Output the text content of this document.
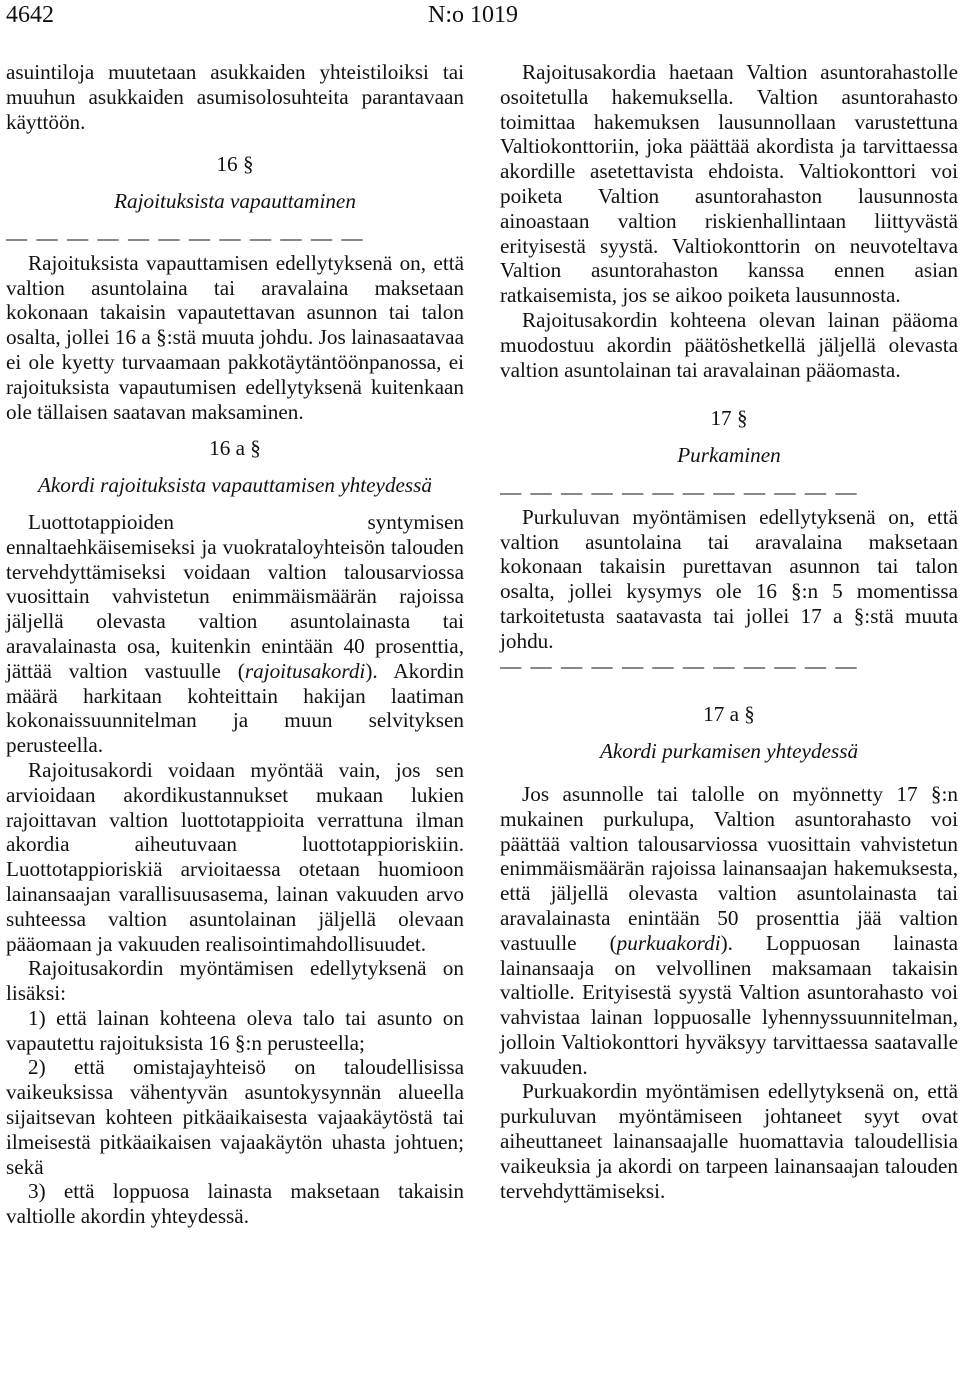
4642	N:o 1019

asuintiloja muutetaan asukkaiden yhteistiloiksi tai muuhun asukkaiden asumisolosuhteita parantavaan käyttöön.

16 §

Rajoituksista vapauttaminen

— — — — — — — — — — — —

Rajoituksista vapauttamisen edellytyksenä on, että valtion asuntolaina tai aravalaina maksetaan kokonaan takaisin vapautettavan asunnon tai talon osalta, jollei 16 a §:stä muuta johdu. Jos lainasaatavaa ei ole kyetty turvaamaan pakkotäytäntöönpanossa, ei rajoituksista vapautumisen edellytyksenä kuitenkaan ole tällaisen saatavan maksaminen.

16 a §

Akordi rajoituksista vapauttamisen yhteydessä

Luottotappioiden syntymisen ennaltaehkäisemiseksi ja vuokrataloyhteisön talouden tervehdyttämiseksi voidaan valtion talousarviossa vuosittain vahvistetun enimmäismäärän rajoissa jäljellä olevasta valtion asuntolainasta tai aravalainasta osa, kuitenkin enintään 40 prosenttia, jättää valtion vastuulle (rajoitusakordi). Akordin määrä harkitaan kohteittain hakijan laatiman kokonaissuunnitelman ja muun selvityksen perusteella.

Rajoitusakordi voidaan myöntää vain, jos sen arvioidaan akordikustannukset mukaan lukien rajoittavan valtion luottotappioita verrattuna ilman akordia aiheutuvaan luottotappioriskiin. Luottotappioriskiä arvioitaessa otetaan huomioon lainansaajan varallisuusasema, lainan vakuuden arvo suhteessa valtion asuntolainan jäljellä olevaan pääomaan ja vakuuden realisointimahdollisuudet.

Rajoitusakordin myöntämisen edellytyksenä on lisäksi:

1) että lainan kohteena oleva talo tai asunto on vapautettu rajoituksista 16 §:n perusteella;

2) että omistajayhteisö on taloudellisissa vaikeuksissa vähentyvän asuntokysynnän alueella sijaitsevan kohteen pitkäaikaisesta vajaakäytöstä tai ilmeisestä pitkäaikaisen vajaakäytön uhasta johtuen; sekä

3) että loppuosa lainasta maksetaan takaisin valtiolle akordin yhteydessä.

Rajoitusakordia haetaan Valtion asuntorahastolle osoitetulla hakemuksella. Valtion asuntorahasto toimittaa hakemuksen lausunnollaan varustettuna Valtiokonttoriin, joka päättää akordista ja tarvittaessa akordille asetettavista ehdoista. Valtiokonttori voi poiketa Valtion asuntorahaston lausunnosta ainoastaan valtion riskienhallintaan liittyvästä erityisestä syystä. Valtiokonttorin on neuvoteltava Valtion asuntorahaston kanssa ennen asian ratkaisemista, jos se aikoo poiketa lausunnosta.

Rajoitusakordin kohteena olevan lainan pääoma muodostuu akordin päätöshetkellä jäljellä olevasta valtion asuntolainan tai aravalainan pääomasta.

17 §

Purkaminen

— — — — — — — — — — — —

Purkuluvan myöntämisen edellytyksenä on, että valtion asuntolaina tai aravalaina maksetaan kokonaan takaisin purettavan asunnon tai talon osalta, jollei kysymys ole 16 §:n 5 momentissa tarkoitetusta saatavasta tai jollei 17 a §:stä muuta johdu.

— — — — — — — — — — — —

17 a §

Akordi purkamisen yhteydessä

Jos asunnolle tai talolle on myönnetty 17 §:n mukainen purkulupa, Valtion asuntorahasto voi päättää valtion talousarviossa vuosittain vahvistetun enimmäismäärän rajoissa lainansaajan hakemuksesta, että jäljellä olevasta valtion asuntolainasta tai aravalainasta enintään 50 prosenttia jää valtion vastuulle (purkuakordi). Loppuosan lainasta lainansaaja on velvollinen maksamaan takaisin valtiolle. Erityisestä syystä Valtion asuntorahasto voi vahvistaa lainan loppuosalle lyhennyssuunnitelman, jolloin Valtiokonttori hyväksyy tarvittaessa saatavalle vakuuden.

Purkuakordin myöntämisen edellytyksenä on, että purkuluvan myöntämiseen johtaneet syyt ovat aiheuttaneet lainansaajalle huomattavia taloudellisia vaikeuksia ja akordi on tarpeen lainansaajan talouden tervehdyttämiseksi.
